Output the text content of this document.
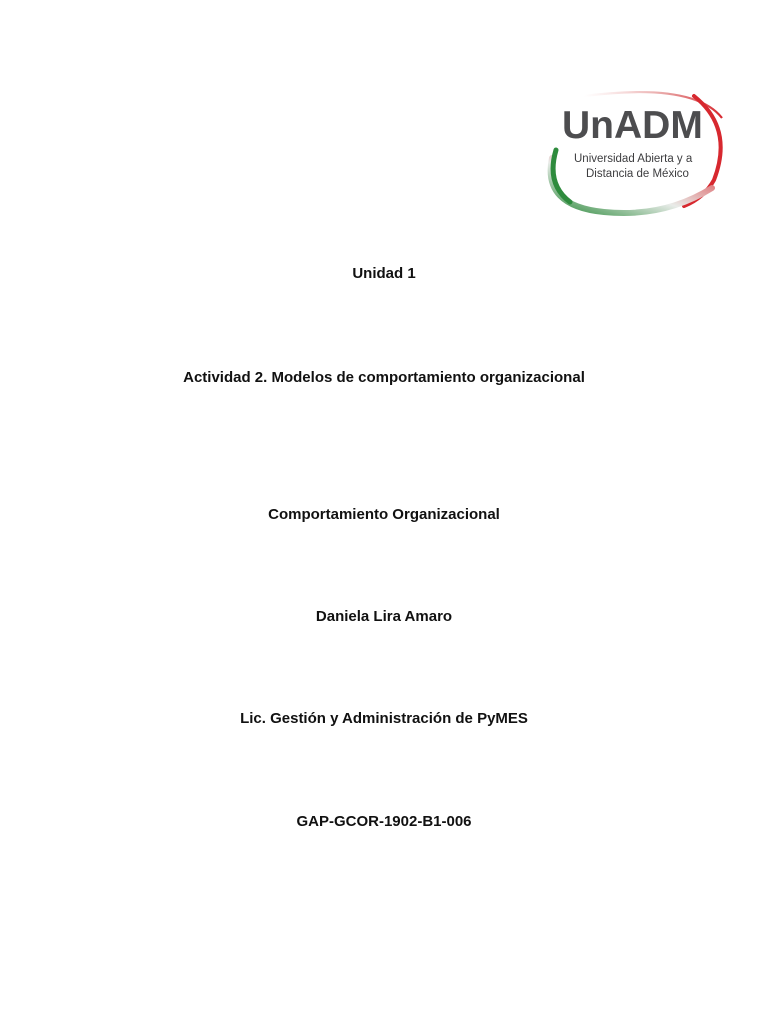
UnADM
Universidad Abierta y a
Distancia de México
Unidad 1
Actividad 2. Modelos de comportamiento organizacional
Comportamiento Organizacional
Daniela Lira Amaro
Lic. Gestión y Administración de PyMES
GAP-GCOR-1902-B1-006
